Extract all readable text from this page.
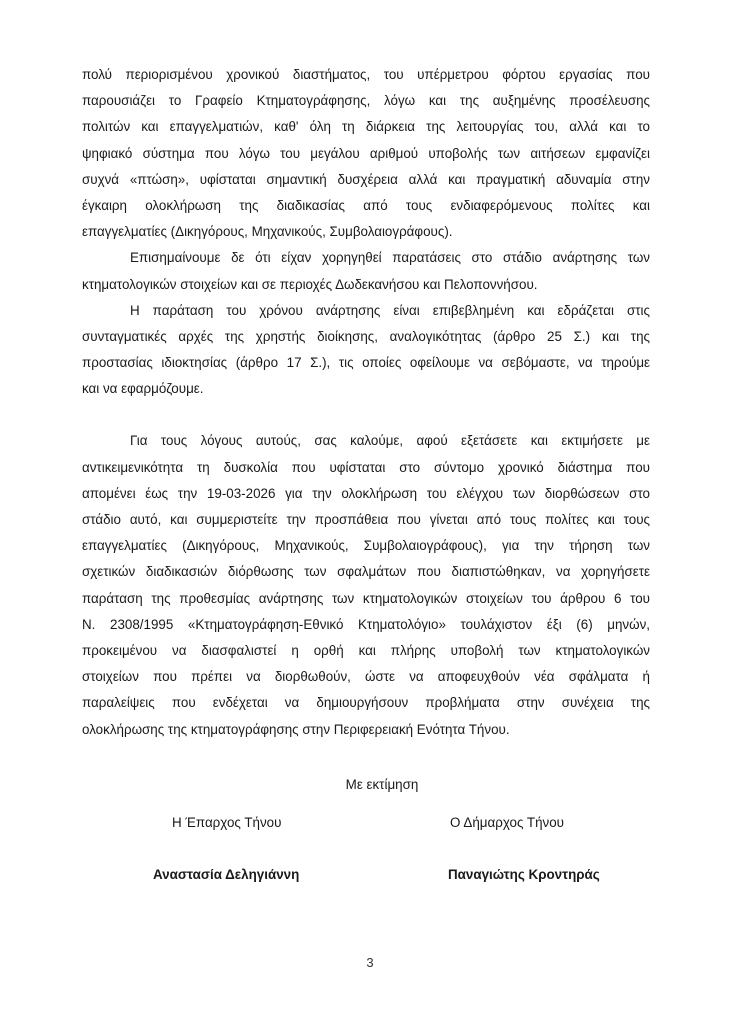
πολύ περιορισμένου χρονικού διαστήματος, του υπέρμετρου φόρτου εργασίας που
παρουσιάζει το Γραφείο Κτηματογράφησης, λόγω και της αυξημένης προσέλευσης
πολιτών και επαγγελματιών, καθ' όλη τη διάρκεια της λειτουργίας του, αλλά και το
ψηφιακό σύστημα που λόγω του μεγάλου αριθμού υποβολής των αιτήσεων εμφανίζει
συχνά «πτώση», υφίσταται σημαντική δυσχέρεια αλλά και πραγματική αδυναμία στην
έγκαιρη ολοκλήρωση της διαδικασίας από τους ενδιαφερόμενους πολίτες και
επαγγελματίες (Δικηγόρους, Μηχανικούς, Συμβολαιογράφους).
Επισημαίνουμε δε ότι είχαν χορηγηθεί παρατάσεις στο στάδιο ανάρτησης των
κτηματολογικών στοιχείων και σε περιοχές Δωδεκανήσου και Πελοποννήσου.
Η παράταση του χρόνου ανάρτησης είναι επιβεβλημένη και εδράζεται στις
συνταγματικές αρχές της χρηστής διοίκησης, αναλογικότητας (άρθρο 25 Σ.) και της
προστασίας ιδιοκτησίας (άρθρο 17 Σ.), τις οποίες οφείλουμε να σεβόμαστε, να τηρούμε
και να εφαρμόζουμε.
Για τους λόγους αυτούς, σας καλούμε, αφού εξετάσετε και εκτιμήσετε με
αντικειμενικότητα τη δυσκολία που υφίσταται στο σύντομο χρονικό διάστημα που
απομένει έως την 19-03-2026 για την ολοκλήρωση του ελέγχου των διορθώσεων στο
στάδιο αυτό, και συμμεριστείτε την προσπάθεια που γίνεται από τους πολίτες και τους
επαγγελματίες (Δικηγόρους, Μηχανικούς, Συμβολαιογράφους), για την τήρηση των
σχετικών διαδικασιών διόρθωσης των σφαλμάτων που διαπιστώθηκαν, να χορηγήσετε
παράταση της προθεσμίας ανάρτησης των κτηματολογικών στοιχείων του άρθρου 6 του
Ν. 2308/1995 «Κτηματογράφηση-Εθνικό Κτηματολόγιο» τουλάχιστον έξι (6) μηνών,
προκειμένου να διασφαλιστεί η ορθή και πλήρης υποβολή των κτηματολογικών
στοιχείων που πρέπει να διορθωθούν, ώστε να αποφευχθούν νέα σφάλματα ή
παραλείψεις που ενδέχεται να δημιουργήσουν προβλήματα στην συνέχεια της
ολοκλήρωσης της κτηματογράφησης στην Περιφερειακή Ενότητα Τήνου.
Με εκτίμηση
Η Έπαρχος Τήνου	Ο Δήμαρχος Τήνου
Αναστασία Δεληγιάννη	Παναγιώτης Κροντηράς
3
